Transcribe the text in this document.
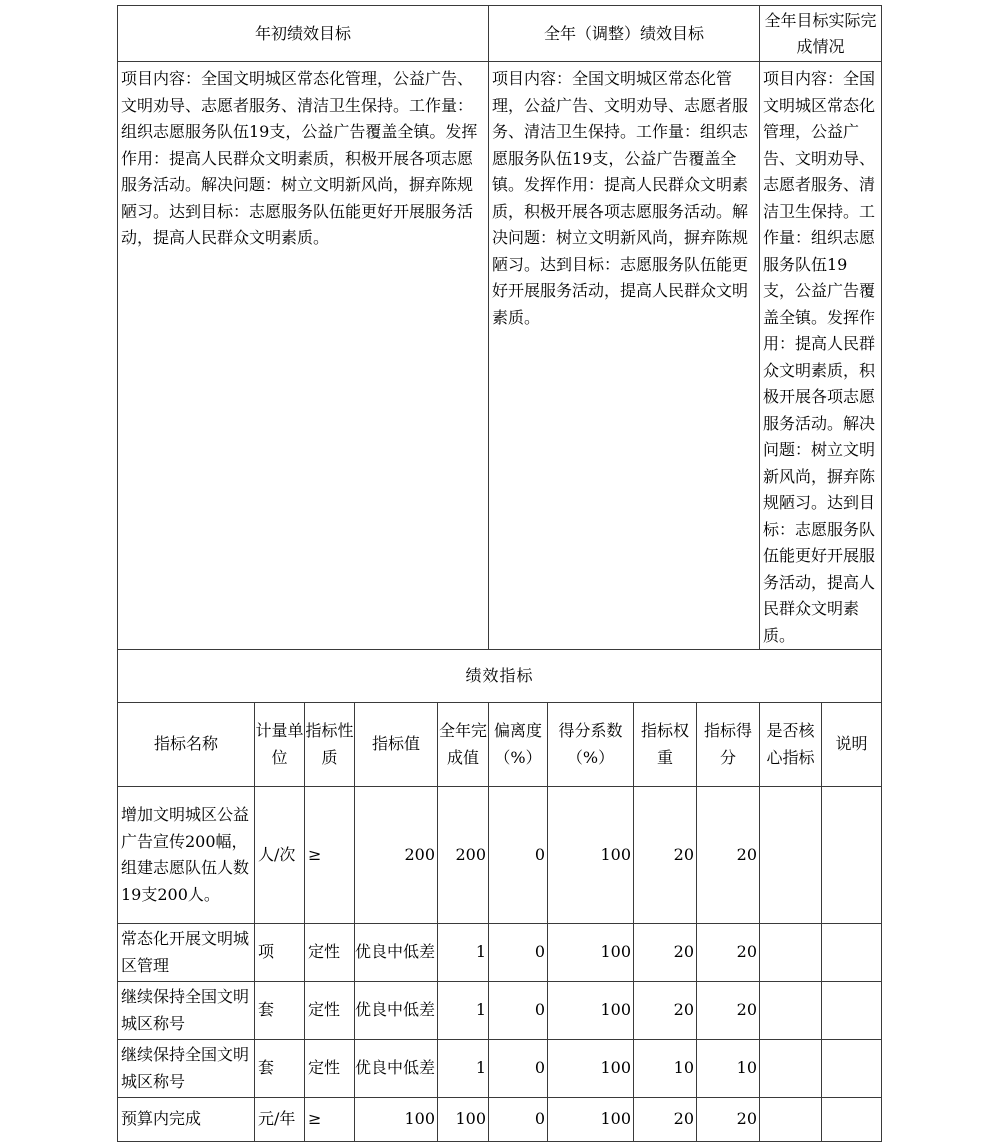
年初绩效目标					全年（调整）绩效目标				全年目标实际完成情况	
项目内容：全国文明城区常态化管理，公益广告、文明劝导、志愿者服务、清洁卫生保持。工作量：组织志愿服务队伍19支，公益广告覆盖全镇。发挥作用：提高人民群众文明素质，积极开展各项志愿服务活动。解决问题：树立文明新风尚，摒弃陈规陋习。达到目标：志愿服务队伍能更好开展服务活动，提高人民群众文明素质。					项目内容：全国文明城区常态化管理，公益广告、文明劝导、志愿者服务、清洁卫生保持。工作量：组织志愿服务队伍19支，公益广告覆盖全镇。发挥作用：提高人民群众文明素质，积极开展各项志愿服务活动。解决问题：树立文明新风尚，摒弃陈规陋习。达到目标：志愿服务队伍能更好开展服务活动，提高人民群众文明素质。				项目内容：全国文明城区常态化管理，公益广告、文明劝导、志愿者服务、清洁卫生保持。工作量：组织志愿服务队伍19支，公益广告覆盖全镇。发挥作用：提高人民群众文明素质，积极开展各项志愿服务活动。解决问题：树立文明新风尚，摒弃陈规陋习。达到目标：志愿服务队伍能更好开展服务活动，提高人民群众文明素质。	
绩效指标										
指标名称	计量单位	指标性质	指标值	全年完成值	偏离度（%）	得分系数（%）	指标权重	指标得分	是否核心指标	说明
增加文明城区公益广告宣传200幅，组建志愿队伍人数19支200人。	人/次	≥	200	200	0	100	20	20		
常态化开展文明城区管理	项	定性	优良中低差	1	0	100	20	20		
继续保持全国文明城区称号	套	定性	优良中低差	1	0	100	20	20		
继续保持全国文明城区称号	套	定性	优良中低差	1	0	100	10	10		
预算内完成	元/年	≥	100	100	0	100	20	20		
